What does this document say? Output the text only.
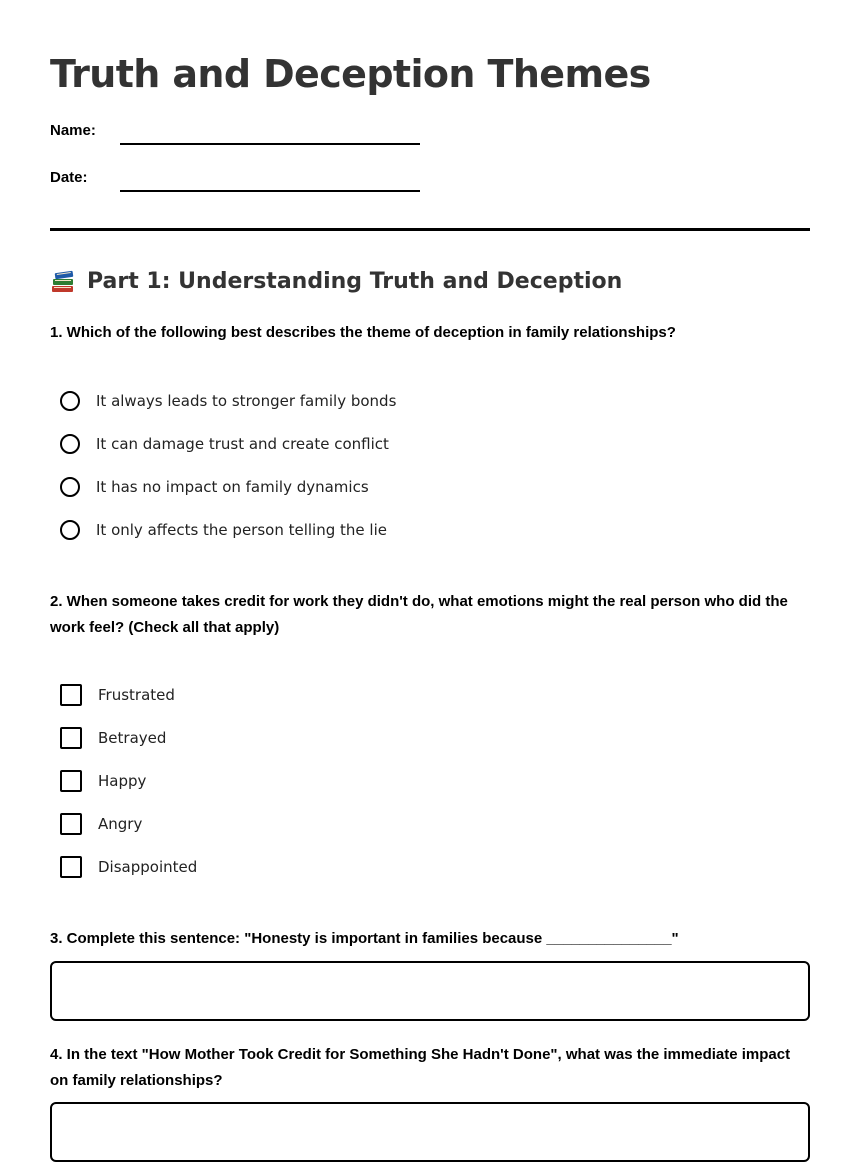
Truth and Deception Themes
Name:
Date:
Part 1: Understanding Truth and Deception
1. Which of the following best describes the theme of deception in family relationships?
It always leads to stronger family bonds
It can damage trust and create conflict
It has no impact on family dynamics
It only affects the person telling the lie
2. When someone takes credit for work they didn't do, what emotions might the real person who did the work feel? (Check all that apply)
Frustrated
Betrayed
Happy
Angry
Disappointed
3. Complete this sentence: "Honesty is important in families because _______________"
4. In the text "How Mother Took Credit for Something She Hadn't Done", what was the immediate impact on family relationships?
